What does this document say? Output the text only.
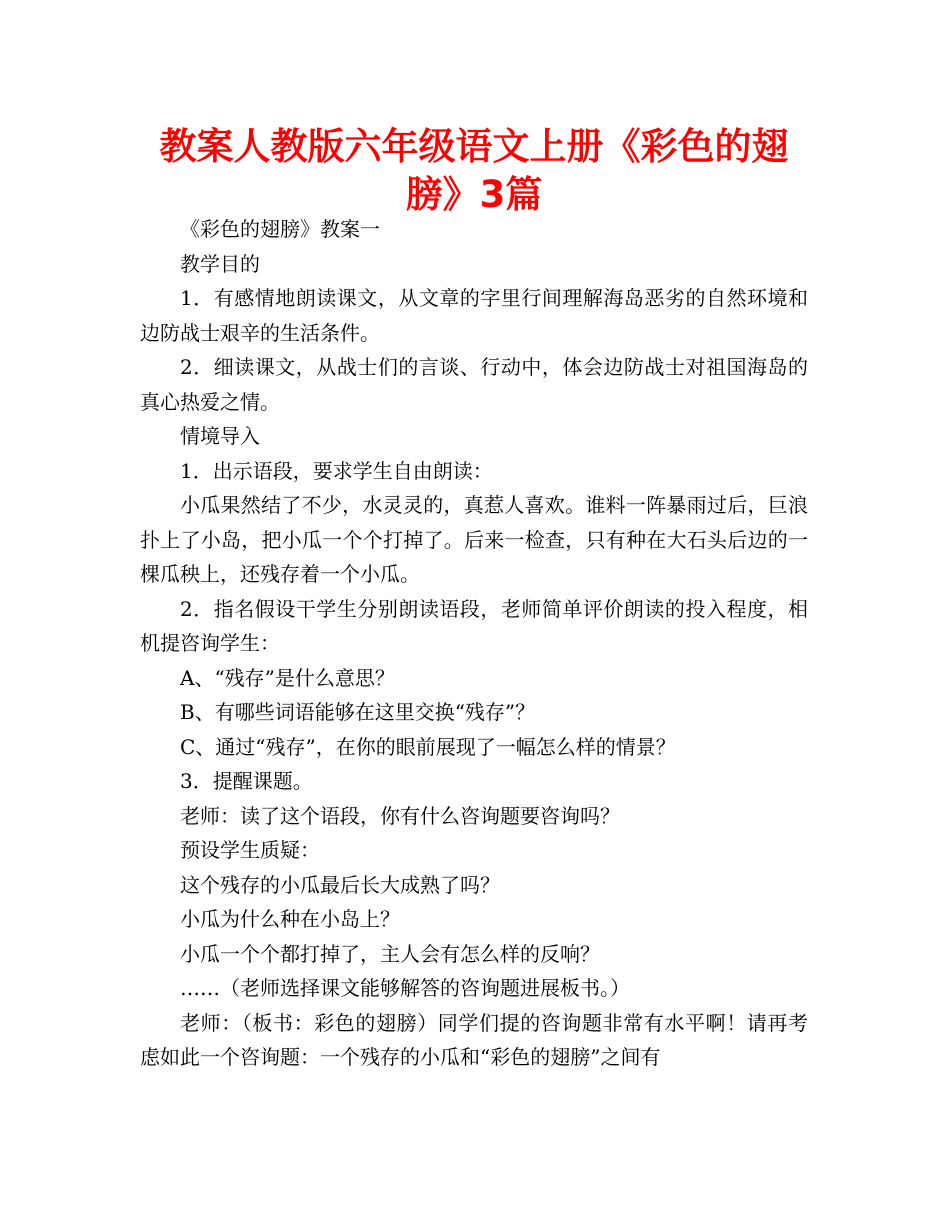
教案人教版六年级语文上册《彩色的翅
膀》3篇

《彩色的翅膀》教案一

教学目的

1．有感情地朗读课文，从文章的字里行间理解海岛恶劣的自然环境和边防战士艰辛的生活条件。

2．细读课文，从战士们的言谈、行动中，体会边防战士对祖国海岛的真心热爱之情。

情境导入

1．出示语段，要求学生自由朗读：

小瓜果然结了不少，水灵灵的，真惹人喜欢。谁料一阵暴雨过后，巨浪扑上了小岛，把小瓜一个个打掉了。后来一检查，只有种在大石头后边的一棵瓜秧上，还残存着一个小瓜。

2．指名假设干学生分别朗读语段，老师简单评价朗读的投入程度，相机提咨询学生：

A、“残存”是什么意思？

B、有哪些词语能够在这里交换“残存”？

C、通过“残存”，在你的眼前展现了一幅怎么样的情景？

3．提醒课题。

老师：读了这个语段，你有什么咨询题要咨询吗？

预设学生质疑：

这个残存的小瓜最后长大成熟了吗？

小瓜为什么种在小岛上？

小瓜一个个都打掉了，主人会有怎么样的反响？

……（老师选择课文能够解答的咨询题进展板书。）

老师：（板书：彩色的翅膀）同学们提的咨询题非常有水平啊！请再考虑如此一个咨询题：一个残存的小瓜和“彩色的翅膀”之间有
